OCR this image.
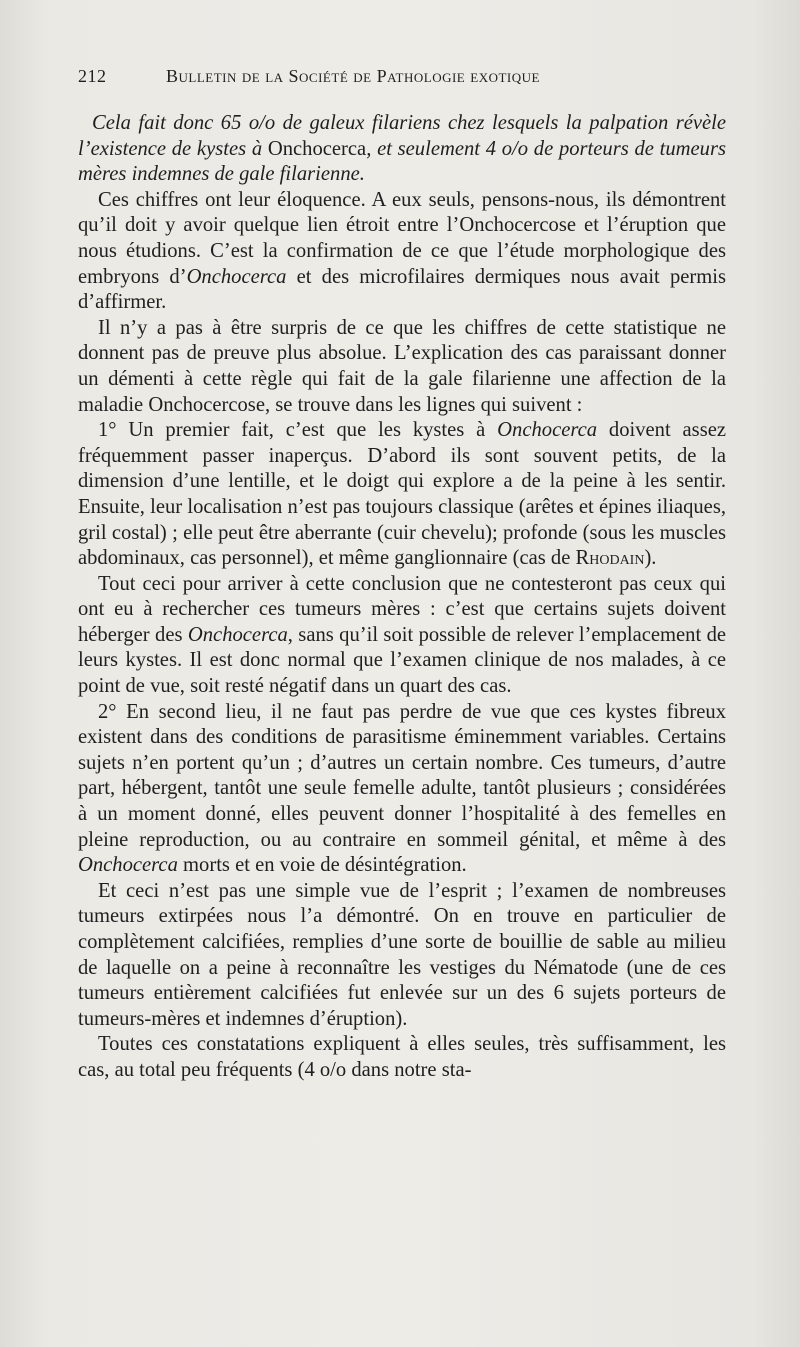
212	Bulletin de la Société de Pathologie exotique

Cela fait donc 65 o/o de galeux filariens chez lesquels la palpation révèle l’existence de kystes à Onchocerca, et seulement 4 o/o de porteurs de tumeurs mères indemnes de gale filarienne.

Ces chiffres ont leur éloquence. A eux seuls, pensons-nous, ils démontrent qu’il doit y avoir quelque lien étroit entre l’Onchocercose et l’éruption que nous étudions. C’est la confirmation de ce que l’étude morphologique des embryons d’Onchocerca et des microfilaires dermiques nous avait permis d’affirmer.

Il n’y a pas à être surpris de ce que les chiffres de cette statistique ne donnent pas de preuve plus absolue. L’explication des cas paraissant donner un démenti à cette règle qui fait de la gale filarienne une affection de la maladie Onchocercose, se trouve dans les lignes qui suivent :

1° Un premier fait, c’est que les kystes à Onchocerca doivent assez fréquemment passer inaperçus. D’abord ils sont souvent petits, de la dimension d’une lentille, et le doigt qui explore a de la peine à les sentir. Ensuite, leur localisation n’est pas toujours classique (arêtes et épines iliaques, gril costal) ; elle peut être aberrante (cuir chevelu); profonde (sous les muscles abdominaux, cas personnel), et même ganglionnaire (cas de Rhodain).

Tout ceci pour arriver à cette conclusion que ne contesteront pas ceux qui ont eu à rechercher ces tumeurs mères : c’est que certains sujets doivent héberger des Onchocerca, sans qu’il soit possible de relever l’emplacement de leurs kystes. Il est donc normal que l’examen clinique de nos malades, à ce point de vue, soit resté négatif dans un quart des cas.

2° En second lieu, il ne faut pas perdre de vue que ces kystes fibreux existent dans des conditions de parasitisme éminemment variables. Certains sujets n’en portent qu’un ; d’autres un certain nombre. Ces tumeurs, d’autre part, hébergent, tantôt une seule femelle adulte, tantôt plusieurs ; considérées à un moment donné, elles peuvent donner l’hospitalité à des femelles en pleine reproduction, ou au contraire en sommeil génital, et même à des Onchocerca morts et en voie de désintégration.

Et ceci n’est pas une simple vue de l’esprit ; l’examen de nombreuses tumeurs extirpées nous l’a démontré. On en trouve en particulier de complètement calcifiées, remplies d’une sorte de bouillie de sable au milieu de laquelle on a peine à reconnaître les vestiges du Nématode (une de ces tumeurs entièrement calcifiées fut enlevée sur un des 6 sujets porteurs de tumeurs-mères et indemnes d’éruption).

Toutes ces constatations expliquent à elles seules, très suffisamment, les cas, au total peu fréquents (4 o/o dans notre sta-
